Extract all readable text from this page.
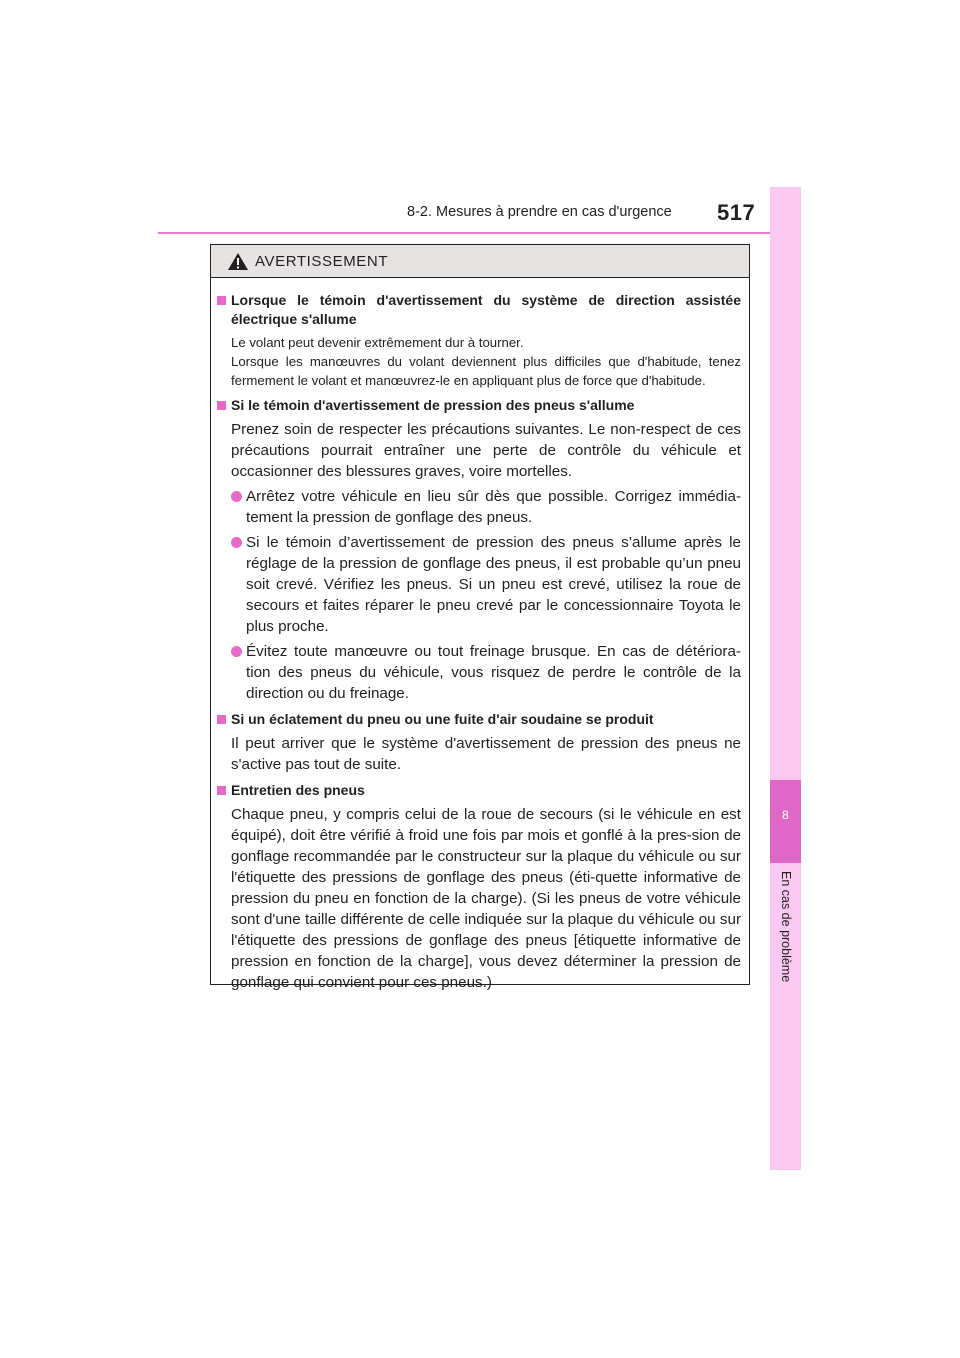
8-2. Mesures à prendre en cas d'urgence 517
8
En cas de problème
AVERTISSEMENT
Lorsque le témoin d'avertissement du système de direction assistée électrique s'allume
Le volant peut devenir extrêmement dur à tourner.
Lorsque les manœuvres du volant deviennent plus difficiles que d'habitude, tenez fermement le volant et manœuvrez-le en appliquant plus de force que d'habitude.
Si le témoin d'avertissement de pression des pneus s'allume
Prenez soin de respecter les précautions suivantes. Le non-respect de ces précautions pourrait entraîner une perte de contrôle du véhicule et occasionner des blessures graves, voire mortelles.
Arrêtez votre véhicule en lieu sûr dès que possible. Corrigez immédia-tement la pression de gonflage des pneus.
Si le témoin d’avertissement de pression des pneus s’allume après le réglage de la pression de gonflage des pneus, il est probable qu’un pneu soit crevé. Vérifiez les pneus. Si un pneu est crevé, utilisez la roue de secours et faites réparer le pneu crevé par le concessionnaire Toyota le plus proche.
Évitez toute manœuvre ou tout freinage brusque. En cas de détériora-tion des pneus du véhicule, vous risquez de perdre le contrôle de la direction ou du freinage.
Si un éclatement du pneu ou une fuite d'air soudaine se produit
Il peut arriver que le système d'avertissement de pression des pneus ne s'active pas tout de suite.
Entretien des pneus
Chaque pneu, y compris celui de la roue de secours (si le véhicule en est équipé), doit être vérifié à froid une fois par mois et gonflé à la pres-sion de gonflage recommandée par le constructeur sur la plaque du véhicule ou sur l'étiquette des pressions de gonflage des pneus (éti-quette informative de pression du pneu en fonction de la charge). (Si les pneus de votre véhicule sont d'une taille différente de celle indiquée sur la plaque du véhicule ou sur l'étiquette des pressions de gonflage des pneus [étiquette informative de pression en fonction de la charge], vous devez déterminer la pression de gonflage qui convient pour ces pneus.)
